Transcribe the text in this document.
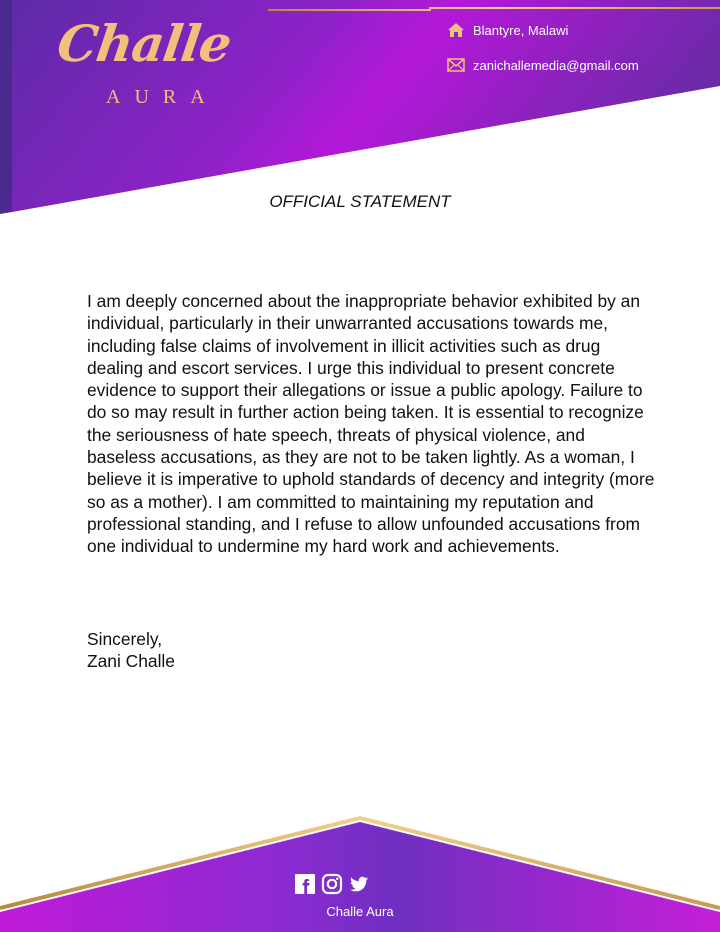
Challe
AURA
Blantyre, Malawi
zanichallemedia@gmail.com
OFFICIAL STATEMENT

I am deeply concerned about the inappropriate behavior exhibited by an individual, particularly in their unwarranted accusations towards me, including false claims of involvement in illicit activities such as drug dealing and escort services. I urge this individual to present concrete evidence to support their allegations or issue a public apology. Failure to do so may result in further action being taken. It is essential to recognize the seriousness of hate speech, threats of physical violence, and baseless accusations, as they are not to be taken lightly. As a woman, I believe it is imperative to uphold standards of decency and integrity (more so as a mother). I am committed to maintaining my reputation and professional standing, and I refuse to allow unfounded accusations from one individual to undermine my hard work and achievements.

Sincerely,
Zani Challe
Challe Aura
